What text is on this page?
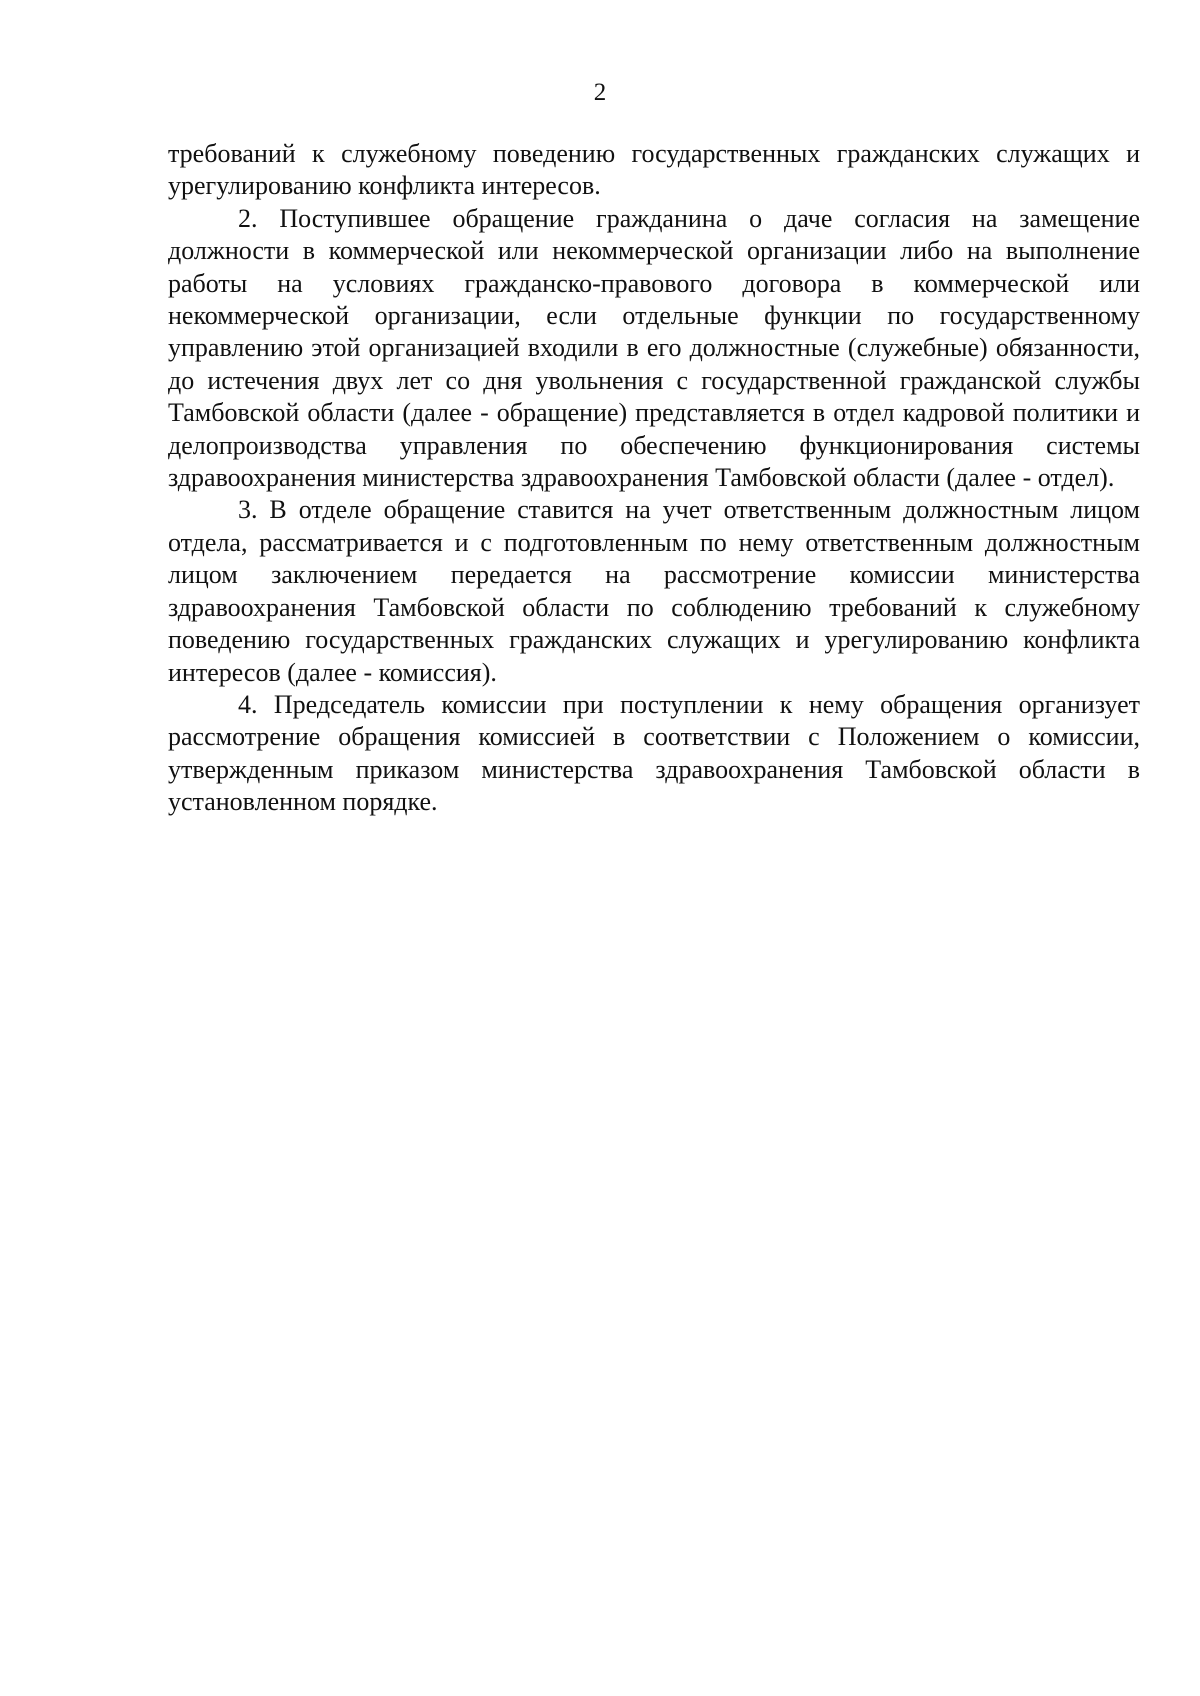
2

требований к служебному поведению государственных гражданских служащих и урегулированию конфликта интересов.

2. Поступившее обращение гражданина о даче согласия на замещение должности в коммерческой или некоммерческой организации либо на выполнение работы на условиях гражданско-правового договора в коммерческой или некоммерческой организации, если отдельные функции по государственному управлению этой организацией входили в его должностные (служебные) обязанности, до истечения двух лет со дня увольнения с государственной гражданской службы Тамбовской области (далее - обращение) представляется в отдел кадровой политики и делопроизводства управления по обеспечению функционирования системы здравоохранения министерства здравоохранения Тамбовской области (далее - отдел).

3. В отделе обращение ставится на учет ответственным должностным лицом отдела, рассматривается и с подготовленным по нему ответственным должностным лицом заключением передается на рассмотрение комиссии министерства здравоохранения Тамбовской области по соблюдению требований к служебному поведению государственных гражданских служащих и урегулированию конфликта интересов (далее - комиссия).

4. Председатель комиссии при поступлении к нему обращения организует рассмотрение обращения комиссией в соответствии с Положением о комиссии, утвержденным приказом министерства здравоохранения Тамбовской области в установленном порядке.
